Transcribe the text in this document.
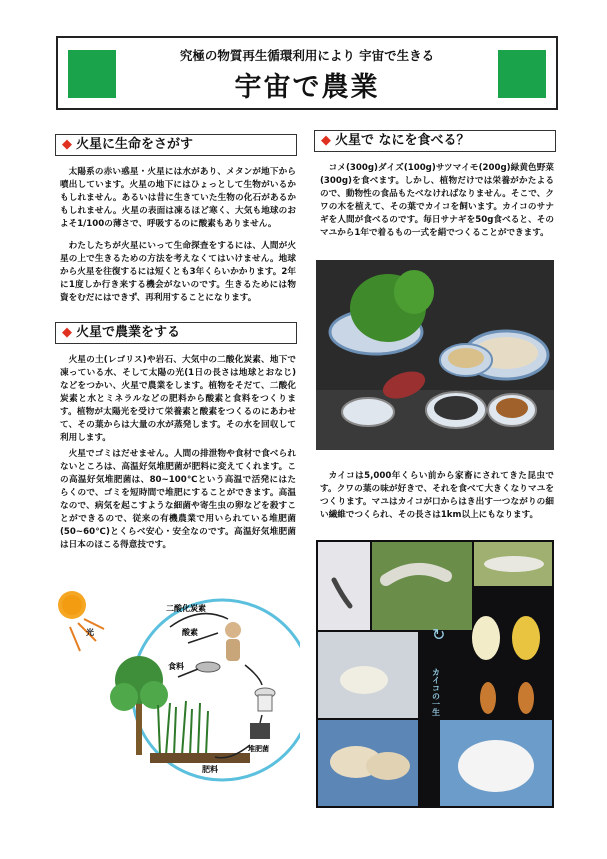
究極の物質再生循環利用により 宇宙で生きる
宇宙で農業
◆ 火星に生命をさがす
太陽系の赤い惑星・火星には水があり、メタンが地下から噴出しています。火星の地下にはひょっとして生物がいるかもしれません。あるいは昔に生きていた生物の化石があるかもしれません。火星の表面は凍るほど寒く、大気も地球のおよそ1/100の薄さで、呼吸するのに酸素もありません。
わたしたちが火星にいって生命探査をするには、人間が火星の上で生きるための方法を考えなくてはいけません。地球から火星を往復するには短くとも3年くらいかかります。2年に1度しか行き来する機会がないのです。生きるためには物資をむだにはできず、再利用することになります。
◆ 火星で農業をする
火星の土(レゴリス)や岩石、大気中の二酸化炭素、地下で凍っている水、そして太陽の光(1日の長さは地球とおなじ)などをつかい、火星で農業をします。植物をそだて、二酸化炭素と水とミネラルなどの肥料から酸素と食料をつくります。植物が太陽光を受けて栄養素と酸素をつくるのにあわせて、その葉からは大量の水が蒸発します。その水を回収して利用します。
火星でゴミはだせません。人間の排泄物や食材で食べられないところは、高温好気堆肥菌が肥料に変えてくれます。この高温好気堆肥菌は、80~100℃という高温で活発にはたらくので、ゴミを短時間で堆肥にすることができます。高温なので、病気を起こすような細菌や寄生虫の卵などを殺すことができるので、従来の有機農業で用いられている堆肥菌(50~60℃)とくらべ安心・安全なのです。高温好気堆肥菌は日本のほこる得意技です。
二酸化炭素
光	酸素
食料
堆肥菌
肥料
◆ 火星で なにを食べる？
コメ(300g)ダイズ(100g)サツマイモ(200g)緑黄色野菜(300g)を食べます。しかし、植物だけでは栄養がかたよるので、動物性の食品もたべなければなりません。そこで、クワの木を植えて、その葉でカイコを飼います。カイコのサナギを人間が食べるのです。毎日サナギを50g食べると、そのマユから1年で着るもの一式を絹でつくることができます。
カイコは5,000年くらい前から家畜にされてきた昆虫です。クワの葉の味が好きで、それを食べて大きくなりマユをつくります。マユはカイコが口からはき出す一つながりの細い繊維でつくられ、その長さは1km以上にもなります。
↻
カイコの一生
